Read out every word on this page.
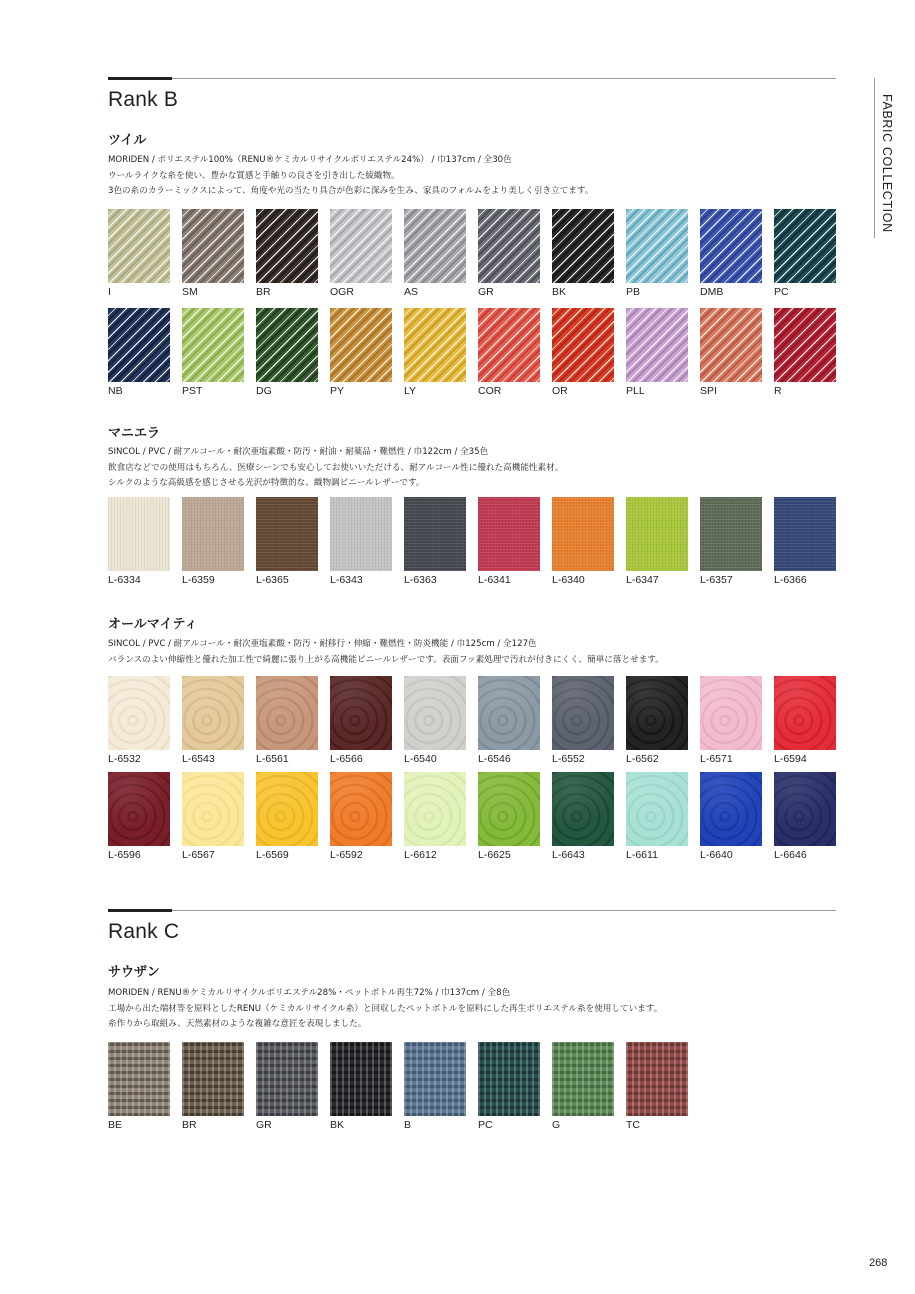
FABRIC COLLECTION
Rank B
ツイル
MORIDEN / ポリエステル100%（RENU®ケミカルリサイクルポリエステル24%） / 巾137cm / 全30色
ウールライクな糸を使い、豊かな質感と手触りの良さを引き出した綾織物。
3色の糸のカラーミックスによって、角度や光の当たり具合が色彩に深みを生み、家具のフォルムをより美しく引き立てます。
I	SM	BR	OGR	AS	GR	BK	PB	DMB	PC
NB	PST	DG	PY	LY	COR	OR	PLL	SPI	R
マニエラ
SINCOL / PVC / 耐アルコール・耐次亜塩素酸・防汚・耐油・耐薬品・難燃性 / 巾122cm / 全35色
飲食店などでの使用はもちろん、医療シーンでも安心してお使いいただける、耐アルコール性に優れた高機能性素材。
シルクのような高級感を感じさせる光沢が特徴的な、織物調ビニールレザーです。
L-6334	L-6359	L-6365	L-6343	L-6363	L-6341	L-6340	L-6347	L-6357	L-6366
オールマイティ
SINCOL / PVC / 耐アルコール・耐次亜塩素酸・防汚・耐移行・伸縮・難燃性・防炎機能 / 巾125cm / 全127色
バランスのよい伸縮性と優れた加工性で綺麗に張り上がる高機能ビニールレザーです。表面フッ素処理で汚れが付きにくく、簡単に落とせます。
L-6532	L-6543	L-6561	L-6566	L-6540	L-6546	L-6552	L-6562	L-6571	L-6594
L-6596	L-6567	L-6569	L-6592	L-6612	L-6625	L-6643	L-6611	L-6640	L-6646
Rank C
サウザン
MORIDEN / RENU®ケミカルリサイクルポリエステル28%・ペットボトル再生72% / 巾137cm / 全8色
工場から出た端材等を原料としたRENU（ケミカルリサイクル糸）と回収したペットボトルを原料にした再生ポリエステル糸を使用しています。
糸作りから取組み、天然素材のような複雑な意匠を表現しました。
BE	BR	GR	BK	B	PC	G	TC
268
